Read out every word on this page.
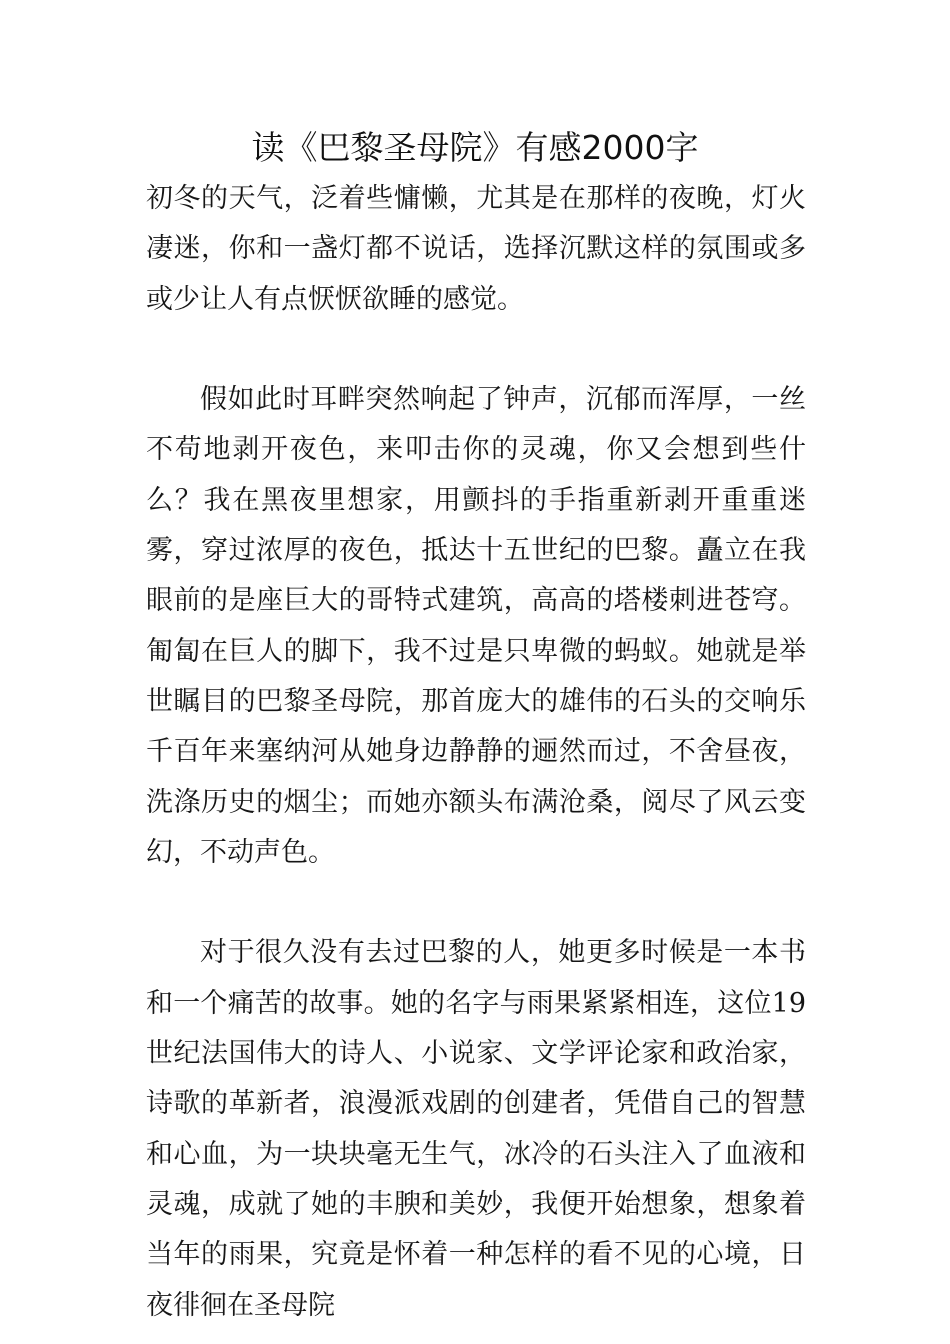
读《巴黎圣母院》有感2000字

初冬的天气，泛着些慵懒，尤其是在那样的夜晚，灯火凄迷，你和一盏灯都不说话，选择沉默这样的氛围或多或少让人有点恹恹欲睡的感觉。

假如此时耳畔突然响起了钟声，沉郁而浑厚，一丝不苟地剥开夜色，来叩击你的灵魂，你又会想到些什么？我在黑夜里想家，用颤抖的手指重新剥开重重迷雾，穿过浓厚的夜色，抵达十五世纪的巴黎。矗立在我眼前的是座巨大的哥特式建筑，高高的塔楼刺进苍穹。匍匐在巨人的脚下，我不过是只卑微的蚂蚁。她就是举世瞩目的巴黎圣母院，那首庞大的雄伟的石头的交响乐千百年来塞纳河从她身边静静的逦然而过，不舍昼夜，洗涤历史的烟尘；而她亦额头布满沧桑，阅尽了风云变幻，不动声色。

对于很久没有去过巴黎的人，她更多时候是一本书和一个痛苦的故事。她的名字与雨果紧紧相连，这位19世纪法国伟大的诗人、小说家、文学评论家和政治家，诗歌的革新者，浪漫派戏剧的创建者，凭借自己的智慧和心血，为一块块毫无生气，冰冷的石头注入了血液和灵魂，成就了她的丰腴和美妙，我便开始想象，想象着当年的雨果，究竟是怀着一种怎样的看不见的心境，日夜徘徊在圣母院
